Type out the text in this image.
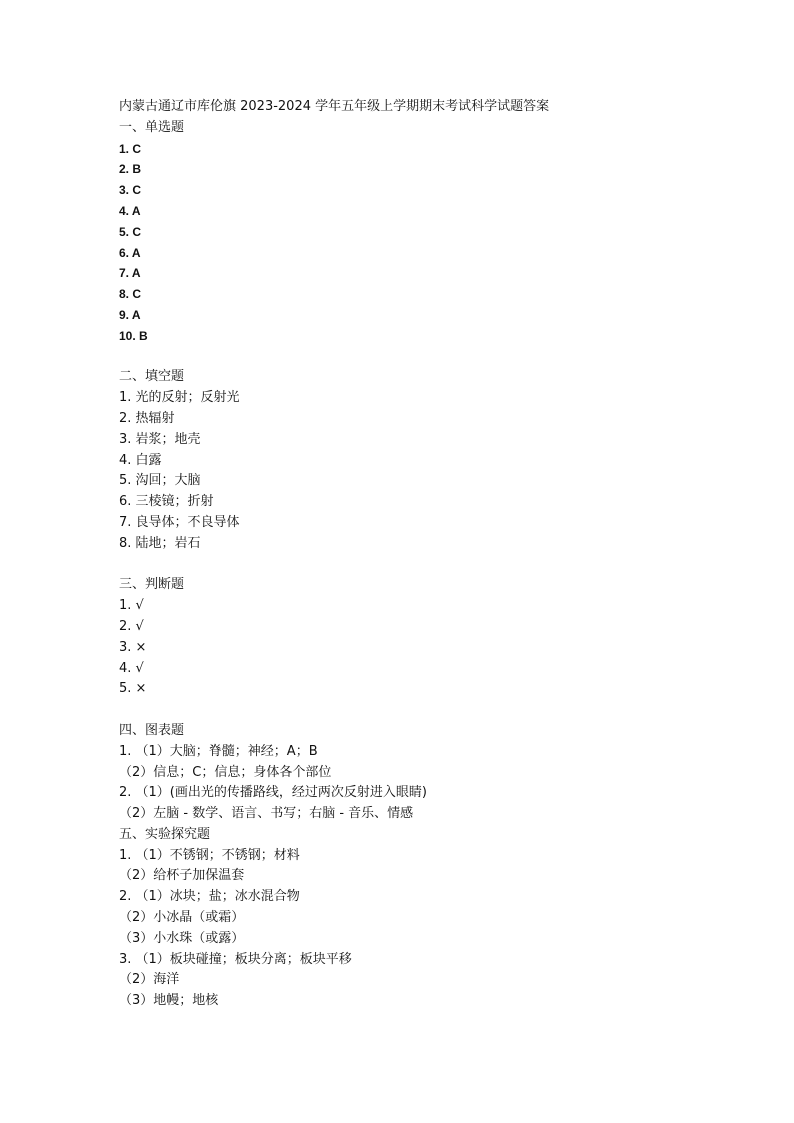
内蒙古通辽市库伦旗 2023-2024 学年五年级上学期期末考试科学试题答案
一、单选题
1. C
2. B
3. C
4. A
5. C
6. A
7. A
8. C
9. A
10. B
二、填空题
1. 光的反射；反射光
2. 热辐射
3. 岩浆；地壳
4. 白露
5. 沟回；大脑
6. 三棱镜；折射
7. 良导体；不良导体
8. 陆地；岩石
三、判断题
1. √
2. √
3. ×
4. √
5. ×
四、图表题
1. （1）大脑；脊髓；神经；A；B
（2）信息；C；信息；身体各个部位
2. （1）(画出光的传播路线，经过两次反射进入眼睛)
（2）左脑 - 数学、语言、书写；右脑 - 音乐、情感
五、实验探究题
1. （1）不锈钢；不锈钢；材料
（2）给杯子加保温套
2. （1）冰块；盐；冰水混合物
（2）小冰晶（或霜）
（3）小水珠（或露）
3. （1）板块碰撞；板块分离；板块平移
（2）海洋
（3）地幔；地核
